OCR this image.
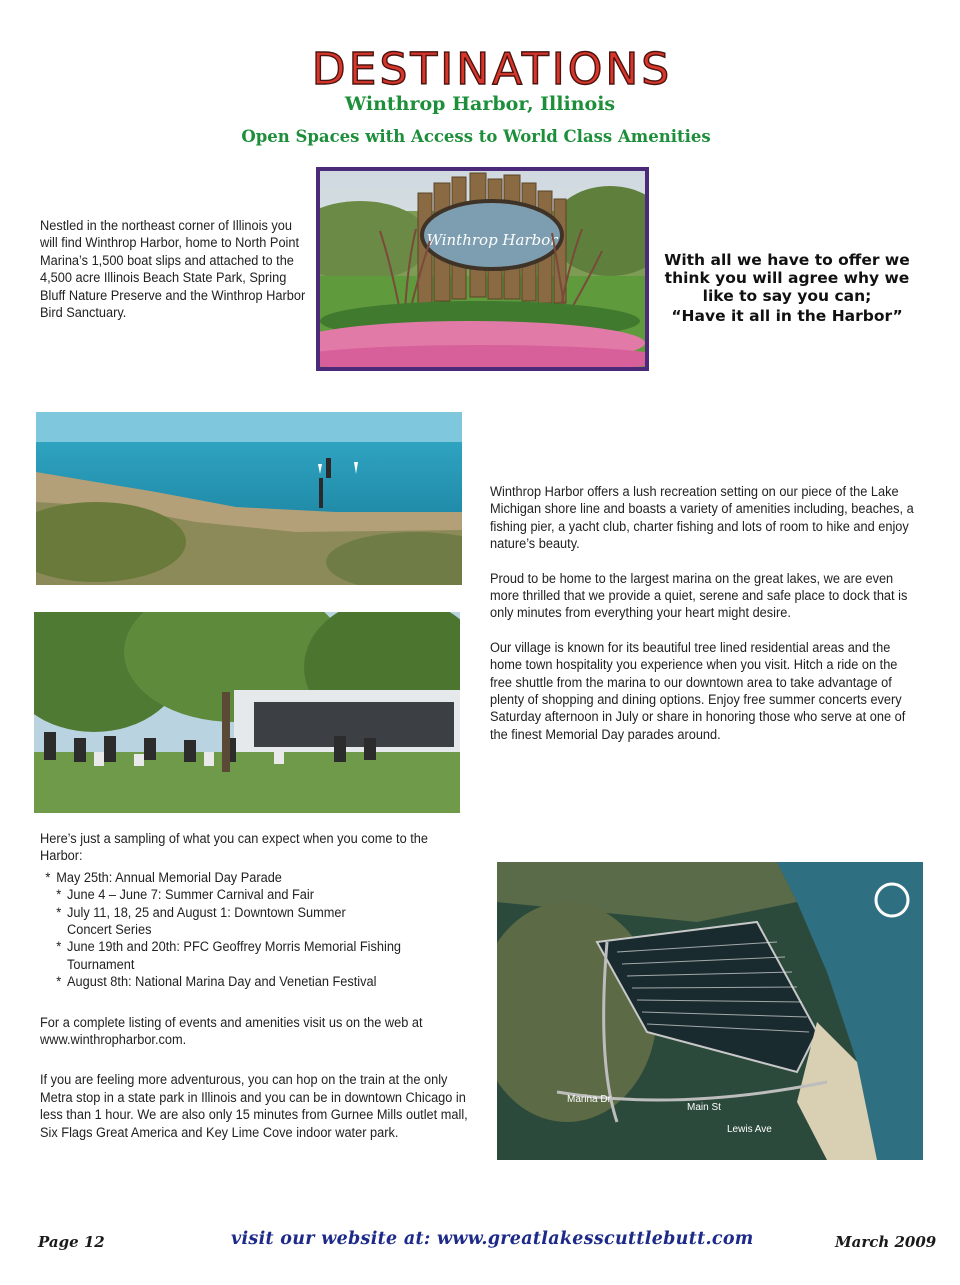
DESTINATIONS
Winthrop Harbor, Illinois
Open Spaces with Access to World Class Amenities

Nestled in the northeast corner of Illinois you will find Winthrop Harbor, home to North Point Marina’s 1,500 boat slips and attached to the 4,500 acre Illinois Beach State Park, Spring Bluff Nature Preserve and the Winthrop Harbor Bird Sanctuary.

Winthrop Harbor
With all we have to offer we think you will agree why we like to say you can;
“Have it all in the Harbor”

Winthrop Harbor offers a lush recreation setting on our piece of the Lake Michigan shore line and boasts a variety of amenities including, beaches, a fishing pier, a yacht club, charter fishing and lots of room to hike and enjoy nature’s beauty.

Proud to be home to the largest marina on the great lakes, we are even more thrilled that we provide a quiet, serene and safe place to dock that is only minutes from everything your heart might desire.

Our village is known for its beautiful tree lined residential areas and the home town hospitality you experience when you visit. Hitch a ride on the free shuttle from the marina to our downtown area to take advantage of plenty of shopping and dining options. Enjoy free summer concerts every Saturday afternoon in July or share in honoring those who serve at one of the finest Memorial Day parades around.

Here’s just a sampling of what you can expect when you come to the Harbor:

* May 25th: Annual Memorial Day Parade
* June 4 – June 7: Summer Carnival and Fair
* July 11, 18, 25 and August 1: Downtown Summer Concert Series
* June 19th and 20th: PFC Geoffrey Morris Memorial Fishing Tournament
* August 8th: National Marina Day and Venetian Festival

For a complete listing of events and amenities visit us on the web at www.winthropharbor.com.

If you are feeling more adventurous, you can hop on the train at the only Metra stop in a state park in Illinois and you can be in downtown Chicago in less than 1 hour. We are also only 15 minutes from Gurnee Mills outlet mall, Six Flags Great America and Key Lime Cove indoor water park.

Main St
Marina Dr
Lewis Ave
Page 12	visit our website at: www.greatlakesscuttlebutt.com	March 2009
